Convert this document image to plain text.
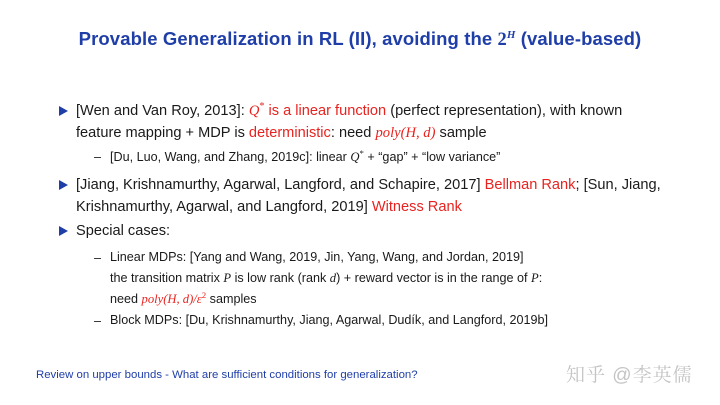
Provable Generalization in RL (II), avoiding the $2^H$ (value-based)
[Wen and Van Roy, 2013]: Q* is a linear function (perfect representation), with known
feature mapping + MDP is deterministic: need poly(H, d) sample
– [Du, Luo, Wang, and Zhang, 2019c]: linear Q* + “gap” + “low variance”
[Jiang, Krishnamurthy, Agarwal, Langford, and Schapire, 2017] Bellman Rank; [Sun, Jiang,
Krishnamurthy, Agarwal, and Langford, 2019] Witness Rank
Special cases:
– Linear MDPs: [Yang and Wang, 2019, Jin, Yang, Wang, and Jordan, 2019]
the transition matrix P is low rank (rank d) + reward vector is in the range of P:
need poly(H, $d)/\varepsilon^2$ samples
– Block MDPs: [Du, Krishnamurthy, Jiang, Agarwal, Dudík, and Langford, 2019b]
Review on upper bounds - What are sufficient conditions for generalization?	知乎 @李英儒
